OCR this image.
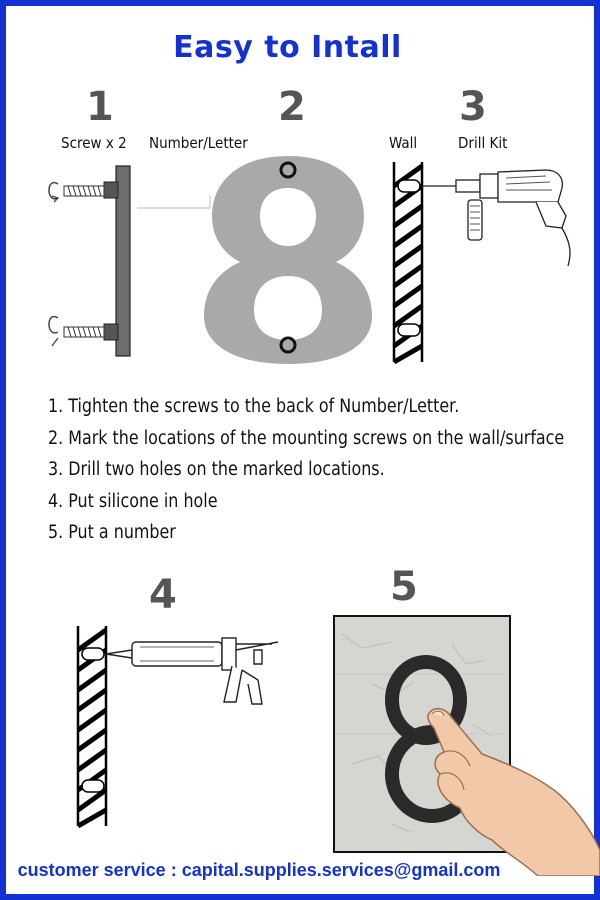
Easy to Intall
1	2	3
4	5
Screw x 2 Number/Letter	Wall	Drill Kit
1. Tighten the screws to the back of Number/Letter.
2. Mark the locations of the mounting screws on the wall/surface
3. Drill two holes on the marked locations.
4. Put silicone in hole
5. Put a number
customer service : capital.supplies.services@gmail.com
